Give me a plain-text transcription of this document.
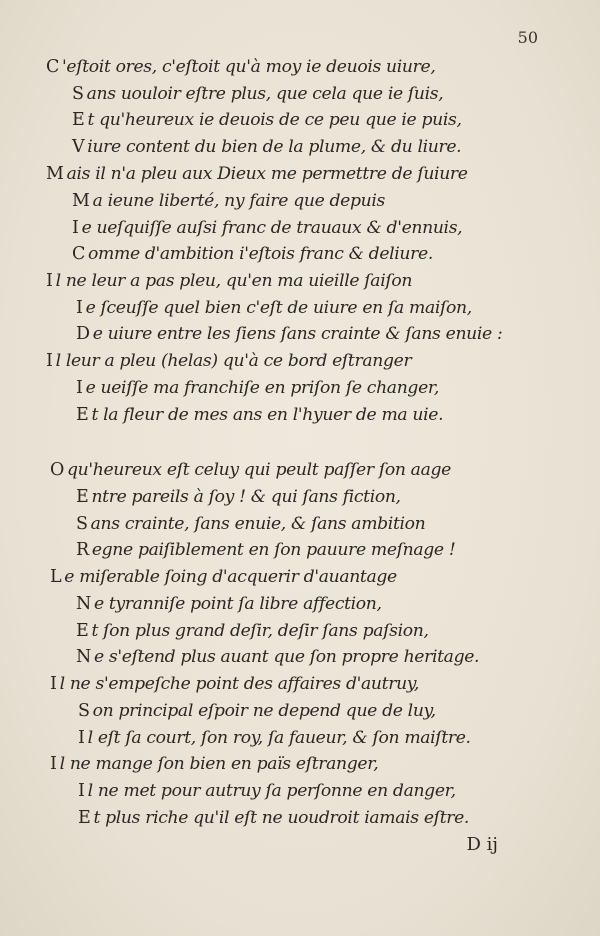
50
C 'eſtoit ores, c'eſtoit qu'à moy ie deuois uiure,
S ans uouloir eſtre plus, que cela que ie ſuis,
E t qu'heureux ie deuois de ce peu que ie puis,
V iure content du bien de la plume, & du liure.
M ais il n'a pleu aux Dieux me permettre de ſuiure
M a ieune liberté, ny faire que depuis
I e ueſquiſſe auſsi franc de trauaux & d'ennuis,
C omme d'ambition i'eſtois franc & deliure.
I l ne leur a pas pleu, qu'en ma uieille ſaiſon
I e ſceuſſe quel bien c'eſt de uiure en ſa maiſon,
D e uiure entre les ſiens ſans crainte & ſans enuie :
I l leur a pleu (helas) qu'à ce bord eſtranger
I e ueiſſe ma franchiſe en priſon ſe changer,
E t la fleur de mes ans en l'hyuer de ma uie.
O qu'heureux eſt celuy qui peult paſſer ſon aage
E ntre pareils à ſoy ! & qui ſans fiction,
S ans crainte, ſans enuie, & ſans ambition
R egne paiſiblement en ſon pauure meſnage !
L e miſerable ſoing d'acquerir d'auantage
N e tyranniſe point ſa libre affection,
E t ſon plus grand deſir, deſir ſans paſsion,
N e s'eſtend plus auant que ſon propre heritage.
I l ne s'empeſche point des affaires d'autruy,
S on principal eſpoir ne depend que de luy,
I l eſt ſa court, ſon roy, ſa faueur, & ſon maiſtre.
I l ne mange ſon bien en païs eſtranger,
I l ne met pour autruy ſa perſonne en danger,
E t plus riche qu'il eſt ne uoudroit iamais eſtre.
D ij
